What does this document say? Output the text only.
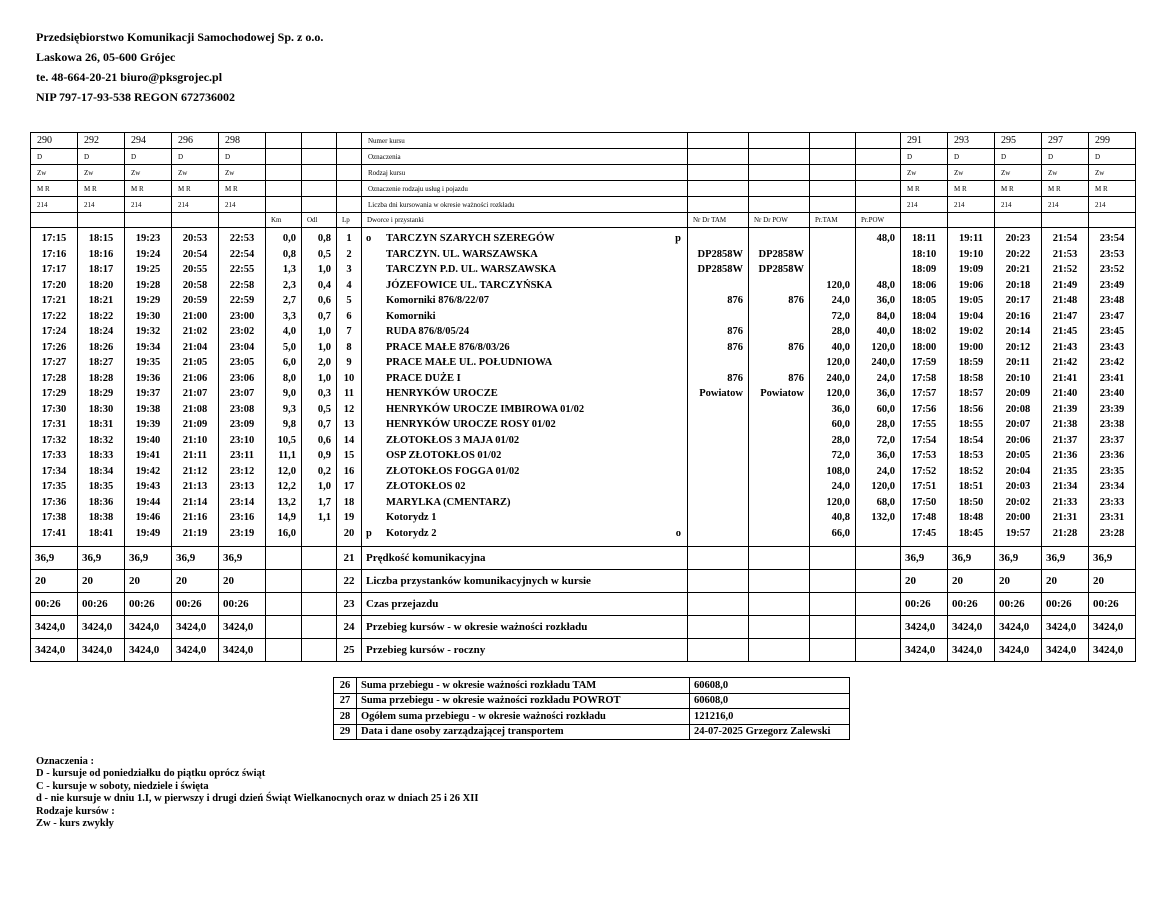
Przedsiębiorstwo Komunikacji Samochodowej Sp. z o.o.
Laskowa 26, 05-600 Grójec
te. 48-664-20-21 biuro@pksgrojec.pl
NIP 797-17-93-538 REGON 672736002
290	292	294	296	298				Numer kursu					291	293	295	297	299
D	D	D	D	D				Oznaczenia					D	D	D	D	D
Zw	Zw	Zw	Zw	Zw				Rodzaj kursu					Zw	Zw	Zw	Zw	Zw
M R	M R	M R	M R	M R				Oznaczenie rodzaju usług i pojazdu					M R	M R	M R	M R	M R
214	214	214	214	214				Liczba dni kursowania w okresie ważności rozkładu					214	214	214	214	214
					Km	Odl	Lp	Dworce i przystanki	Nr Dr TAM	Nr Dr POW	Pr.TAM	Pr.POW					

17:15	18:15	19:23	20:53	22:53	0,0	0,8	1	o TARCZYN SZARYCH SZEREGÓW p				48,0	18:11	19:11	20:23	21:54	23:54
17:16	18:16	19:24	20:54	22:54	0,8	0,5	2	TARCZYN. UL. WARSZAWSKA	DP2858W	DP2858W			18:10	19:10	20:22	21:53	23:53
17:17	18:17	19:25	20:55	22:55	1,3	1,0	3	TARCZYN P.D. UL. WARSZAWSKA	DP2858W	DP2858W			18:09	19:09	20:21	21:52	23:52
17:20	18:20	19:28	20:58	22:58	2,3	0,4	4	JÓZEFOWICE UL. TARCZYŃSKA			120,0	48,0	18:06	19:06	20:18	21:49	23:49
17:21	18:21	19:29	20:59	22:59	2,7	0,6	5	Komorniki 876/8/22/07	876	876	24,0	36,0	18:05	19:05	20:17	21:48	23:48
17:22	18:22	19:30	21:00	23:00	3,3	0,7	6	Komorniki			72,0	84,0	18:04	19:04	20:16	21:47	23:47
17:24	18:24	19:32	21:02	23:02	4,0	1,0	7	RUDA 876/8/05/24	876		28,0	40,0	18:02	19:02	20:14	21:45	23:45
17:26	18:26	19:34	21:04	23:04	5,0	1,0	8	PRACE MAŁE 876/8/03/26	876	876	40,0	120,0	18:00	19:00	20:12	21:43	23:43
17:27	18:27	19:35	21:05	23:05	6,0	2,0	9	PRACE MAŁE UL. POŁUDNIOWA			120,0	240,0	17:59	18:59	20:11	21:42	23:42
17:28	18:28	19:36	21:06	23:06	8,0	1,0	10	PRACE DUŻE I	876	876	240,0	24,0	17:58	18:58	20:10	21:41	23:41
17:29	18:29	19:37	21:07	23:07	9,0	0,3	11	HENRYKÓW UROCZE	Powiatow	Powiatow	120,0	36,0	17:57	18:57	20:09	21:40	23:40
17:30	18:30	19:38	21:08	23:08	9,3	0,5	12	HENRYKÓW UROCZE IMBIROWA 01/02			36,0	60,0	17:56	18:56	20:08	21:39	23:39
17:31	18:31	19:39	21:09	23:09	9,8	0,7	13	HENRYKÓW UROCZE ROSY 01/02			60,0	28,0	17:55	18:55	20:07	21:38	23:38
17:32	18:32	19:40	21:10	23:10	10,5	0,6	14	ZŁOTOKŁOS 3 MAJA 01/02			28,0	72,0	17:54	18:54	20:06	21:37	23:37
17:33	18:33	19:41	21:11	23:11	11,1	0,9	15	OSP ZŁOTOKŁOS 01/02			72,0	36,0	17:53	18:53	20:05	21:36	23:36
17:34	18:34	19:42	21:12	23:12	12,0	0,2	16	ZŁOTOKŁOS FOGGA 01/02			108,0	24,0	17:52	18:52	20:04	21:35	23:35
17:35	18:35	19:43	21:13	23:13	12,2	1,0	17	ZŁOTOKŁOS 02			24,0	120,0	17:51	18:51	20:03	21:34	23:34
17:36	18:36	19:44	21:14	23:14	13,2	1,7	18	MARYLKA (CMENTARZ)			120,0	68,0	17:50	18:50	20:02	21:33	23:33
17:38	18:38	19:46	21:16	23:16	14,9	1,1	19	Kotorydz 1			40,8	132,0	17:48	18:48	20:00	21:31	23:31
17:41	18:41	19:49	21:19	23:19	16,0		20	p Kotorydz 2 o			66,0		17:45	18:45	19:57	21:28	23:28

36,9	36,9	36,9	36,9	36,9			21	Prędkość komunikacyjna					36,9	36,9	36,9	36,9	36,9
20	20	20	20	20			22	Liczba przystanków komunikacyjnych w kursie					20	20	20	20	20
00:26	00:26	00:26	00:26	00:26			23	Czas przejazdu					00:26	00:26	00:26	00:26	00:26
3424,0	3424,0	3424,0	3424,0	3424,0			24	Przebieg kursów - w okresie ważności rozkładu					3424,0	3424,0	3424,0	3424,0	3424,0
3424,0	3424,0	3424,0	3424,0	3424,0			25	Przebieg kursów - roczny					3424,0	3424,0	3424,0	3424,0	3424,0
26	Suma przebiegu - w okresie ważności rozkładu TAM	60608,0
27	Suma przebiegu - w okresie ważności rozkładu POWROT	60608,0
28	Ogółem suma przebiegu - w okresie ważności rozkładu	121216,0
29	Data i dane osoby zarządzającej transportem	24-07-2025 Grzegorz Zalewski
Oznaczenia :
D - kursuje od poniedziałku do piątku oprócz świąt
C - kursuje w soboty, niedziele i święta
d - nie kursuje w dniu 1.I, w pierwszy i drugi dzień Świąt Wielkanocnych oraz w dniach 25 i 26 XII
Rodzaje kursów :
Zw - kurs zwykły
